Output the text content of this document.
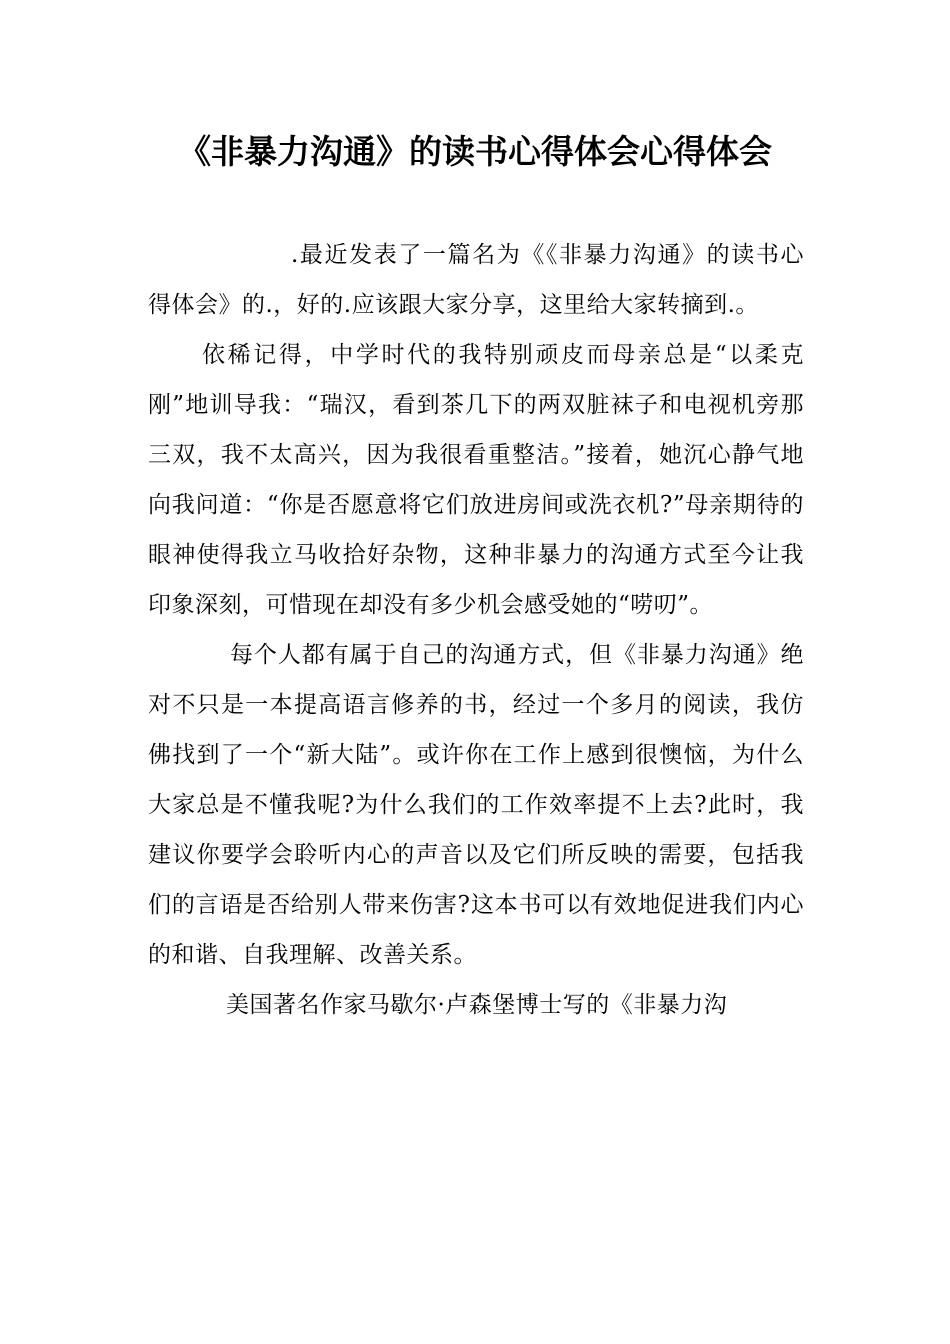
《非暴力沟通》的读书心得体会心得体会

.最近发表了一篇名为《《非暴力沟通》的读书心得体会》的.，好的.应该跟大家分享，这里给大家转摘到.。

依稀记得，中学时代的我特别顽皮而母亲总是“以柔克刚”地训导我：“瑞汉，看到茶几下的两双脏袜子和电视机旁那三双，我不太高兴，因为我很看重整洁。”接着，她沉心静气地向我问道：“你是否愿意将它们放进房间或洗衣机?”母亲期待的眼神使得我立马收拾好杂物，这种非暴力的沟通方式至今让我印象深刻，可惜现在却没有多少机会感受她的“唠叨”。

每个人都有属于自己的沟通方式，但《非暴力沟通》绝对不只是一本提高语言修养的书，经过一个多月的阅读，我仿佛找到了一个“新大陆”。或许你在工作上感到很懊恼，为什么大家总是不懂我呢?为什么我们的工作效率提不上去?此时，我建议你要学会聆听内心的声音以及它们所反映的需要，包括我们的言语是否给别人带来伤害?这本书可以有效地促进我们内心的和谐、自我理解、改善关系。

美国著名作家马歇尔·卢森堡博士写的《非暴力沟
